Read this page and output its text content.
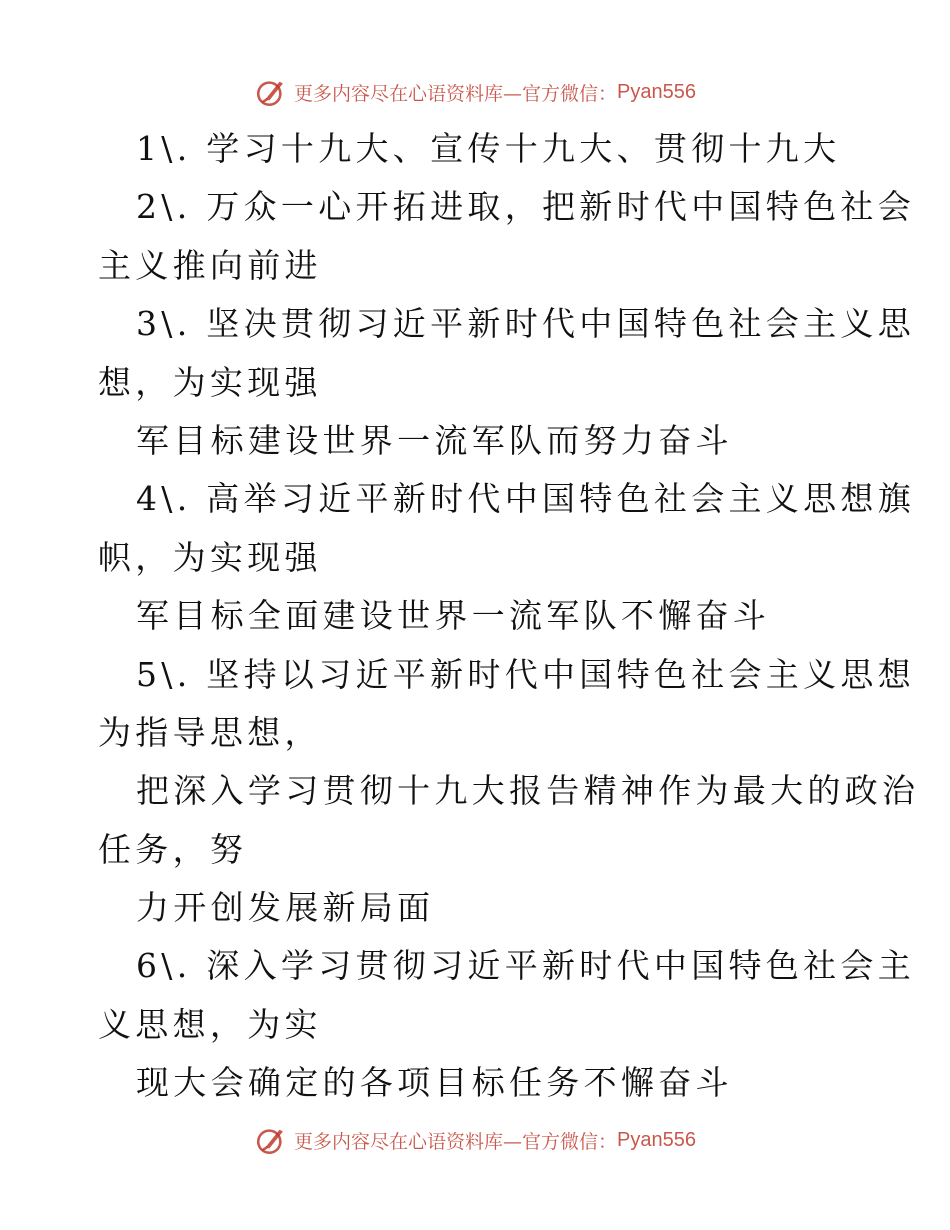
更多内容尽在心语资料库—官方微信： Pyan556
1\. 学习十九大、宣传十九大、贯彻十九大
2\. 万众一心开拓进取，把新时代中国特色社会
主义推向前进
3\. 坚决贯彻习近平新时代中国特色社会主义思
想，为实现强
军目标建设世界一流军队而努力奋斗
4\. 高举习近平新时代中国特色社会主义思想旗
帜，为实现强
军目标全面建设世界一流军队不懈奋斗
5\. 坚持以习近平新时代中国特色社会主义思想
为指导思想，
把深入学习贯彻十九大报告精神作为最大的政治
任务，努
力开创发展新局面
6\. 深入学习贯彻习近平新时代中国特色社会主
义思想，为实
现大会确定的各项目标任务不懈奋斗
更多内容尽在心语资料库—官方微信： Pyan556
